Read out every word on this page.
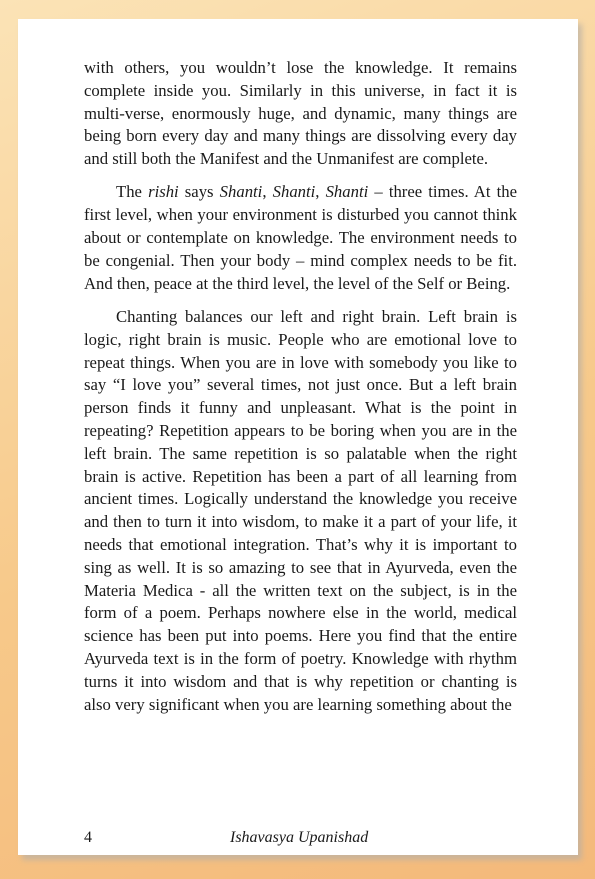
with others, you wouldn’t lose the knowledge. It remains complete inside you. Similarly in this universe, in fact it is multi-verse, enormously huge, and dynamic, many things are being born every day and many things are dissolving every day and still both the Manifest and the Unmanifest are complete.

The rishi says Shanti, Shanti, Shanti – three times. At the first level, when your environment is disturbed you cannot think about or contemplate on knowledge. The environment needs to be congenial. Then your body – mind complex needs to be fit. And then, peace at the third level, the level of the Self or Being.

Chanting balances our left and right brain. Left brain is logic, right brain is music. People who are emotional love to repeat things. When you are in love with somebody you like to say “I love you” several times, not just once. But a left brain person finds it funny and unpleasant. What is the point in repeating? Repetition appears to be boring when you are in the left brain. The same repetition is so palatable when the right brain is active. Repetition has been a part of all learning from ancient times. Logically understand the knowledge you receive and then to turn it into wisdom, to make it a part of your life, it needs that emotional integration. That’s why it is important to sing as well. It is so amazing to see that in Ayurveda, even the Materia Medica - all the written text on the subject, is in the form of a poem. Perhaps nowhere else in the world, medical science has been put into poems. Here you find that the entire Ayurveda text is in the form of poetry. Knowledge with rhythm turns it into wisdom and that is why repetition or chanting is also very significant when you are learning something about the

4	Ishavasya Upanishad
